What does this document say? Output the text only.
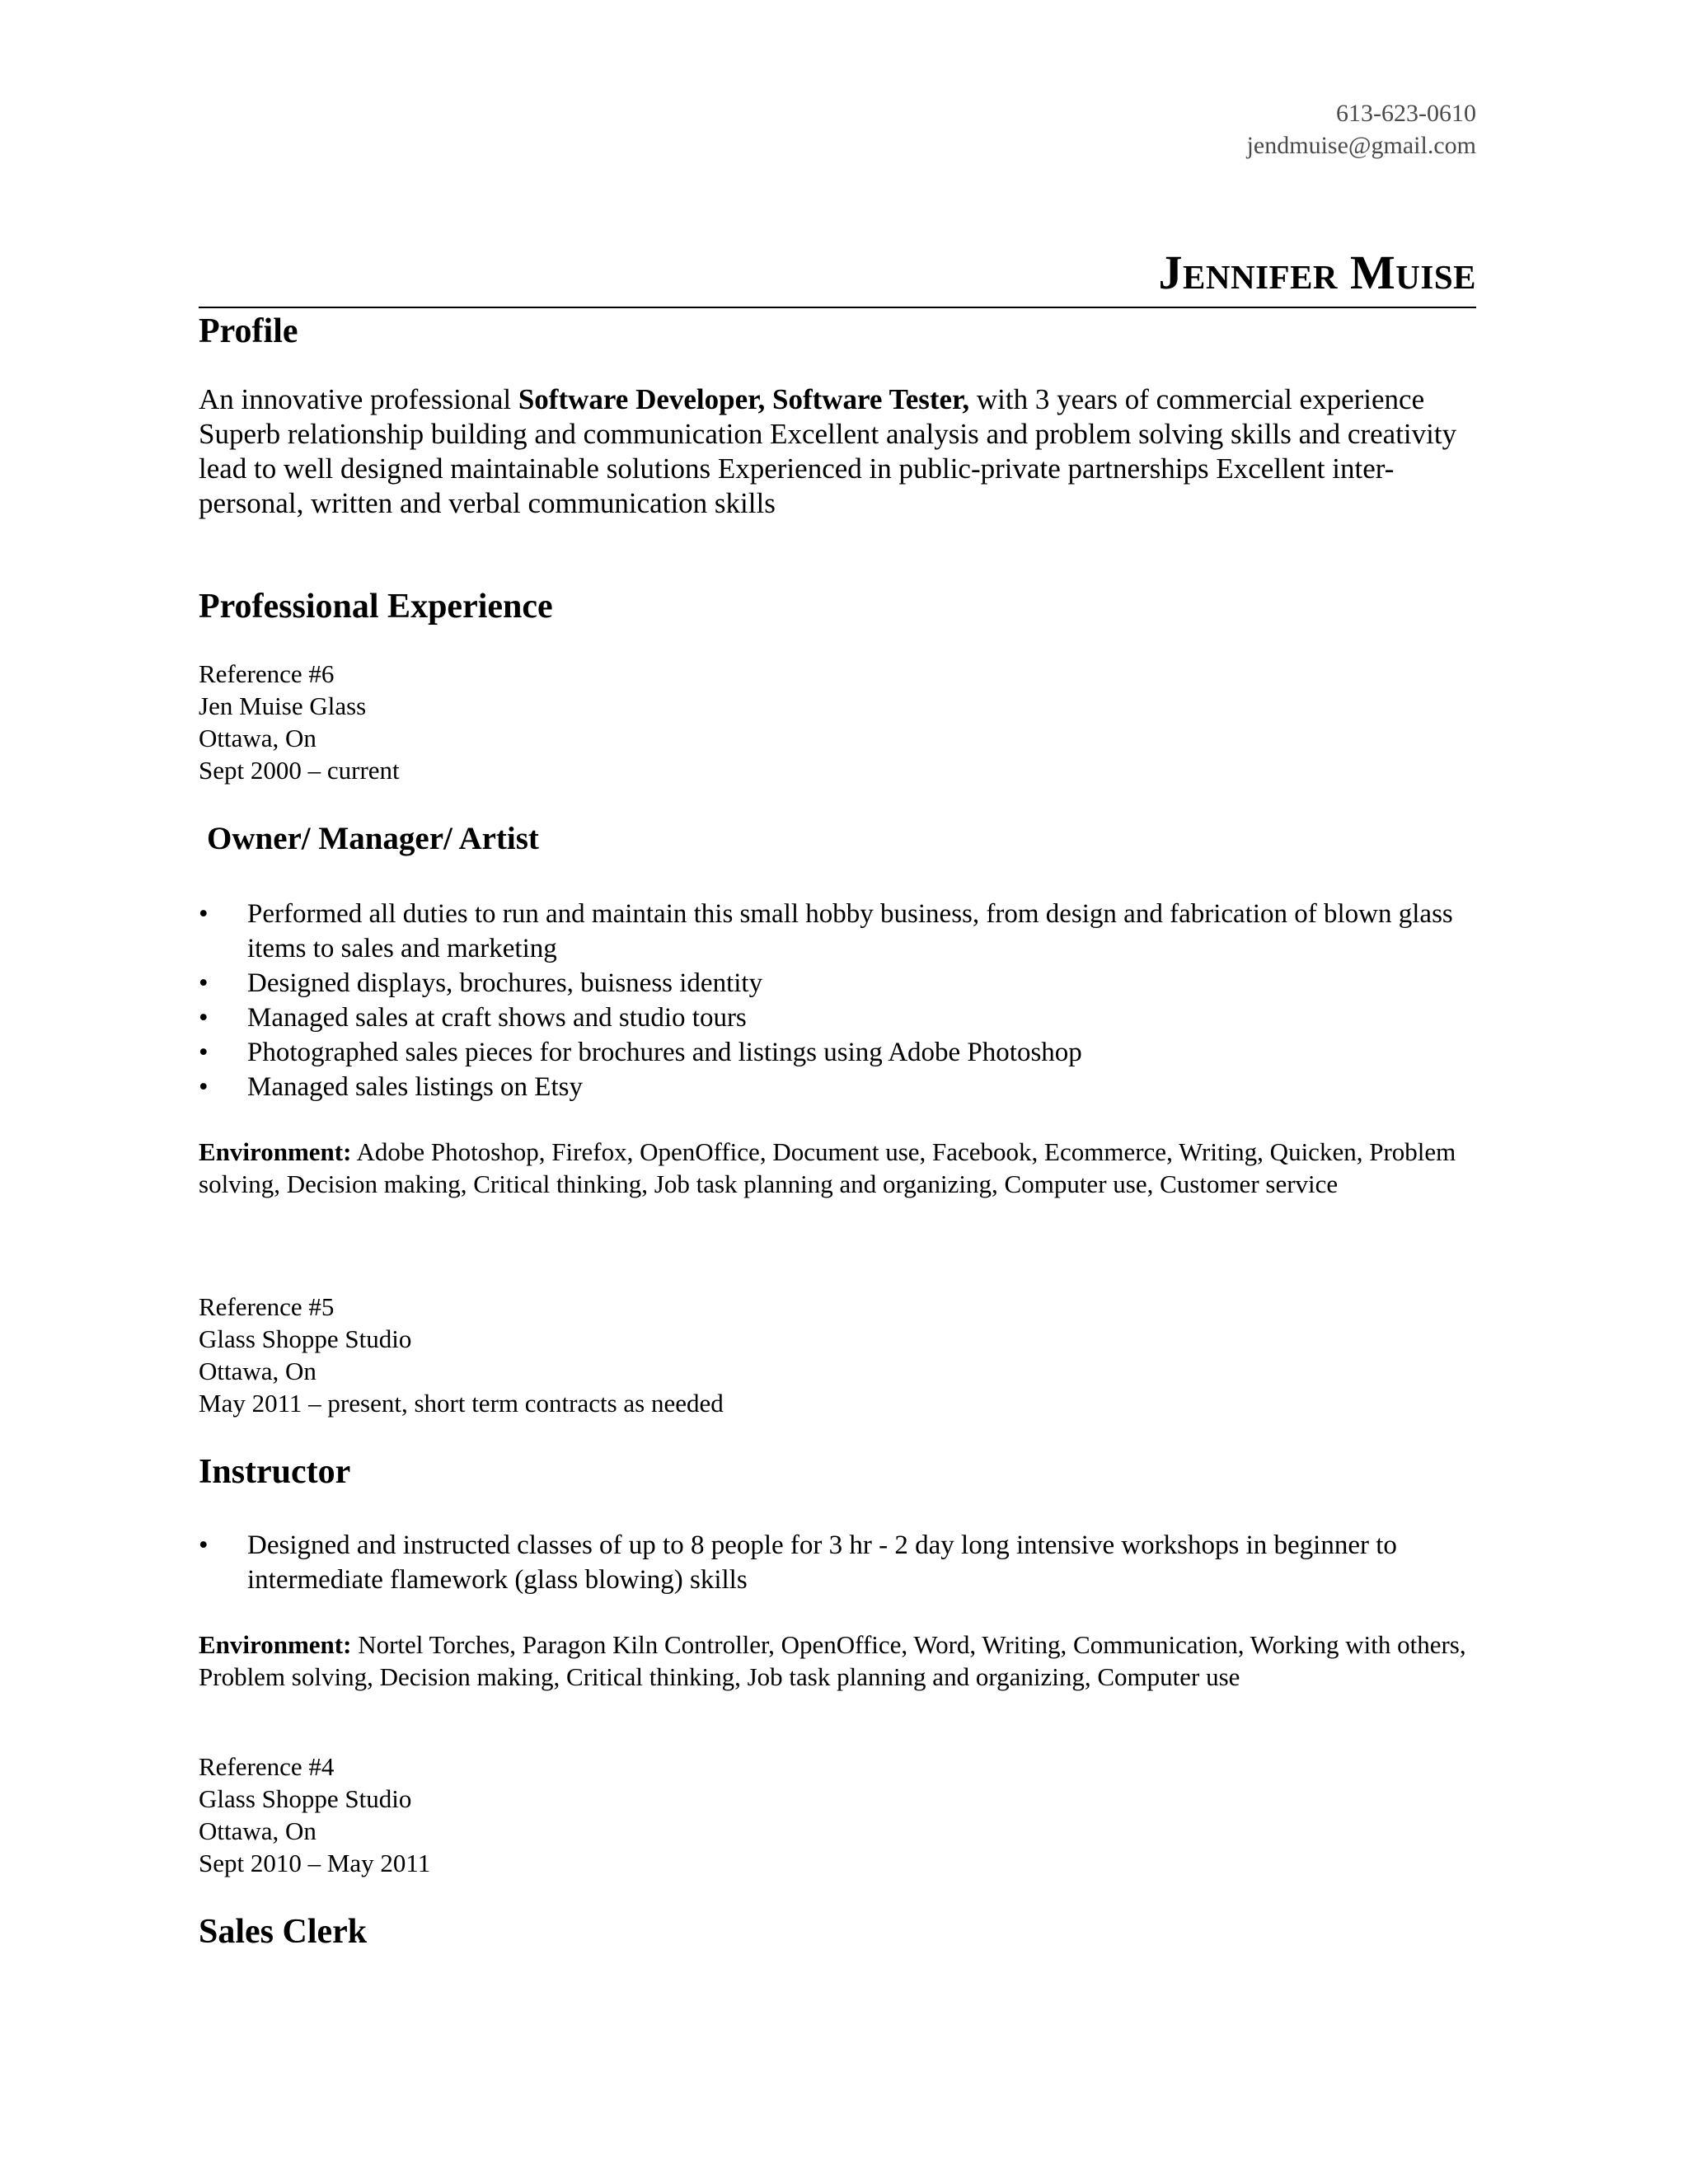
613-623-0610
jendmuise@gmail.com
Jennifer Muise
Profile
An innovative professional Software Developer, Software Tester, with 3 years of commercial experience Superb relationship building and communication Excellent analysis and problem solving skills and creativity lead to well designed maintainable solutions Experienced in public-private partnerships Excellent inter-personal, written and verbal communication skills
Professional Experience
Reference #6
Jen Muise Glass
Ottawa, On
Sept 2000 – current
Owner/ Manager/ Artist
•	Performed all duties to run and maintain this small hobby business, from design and fabrication of blown glass items to sales and marketing
•	Designed displays, brochures, buisness identity
•	Managed sales at craft shows and studio tours
•	Photographed sales pieces for brochures and listings using Adobe Photoshop
•	Managed sales listings on Etsy
Environment: Adobe Photoshop, Firefox, OpenOffice, Document use, Facebook, Ecommerce, Writing, Quicken, Problem solving, Decision making, Critical thinking, Job task planning and organizing, Computer use, Customer service
Reference #5
Glass Shoppe Studio
Ottawa, On
May 2011 – present, short term contracts as needed
Instructor
•	Designed and instructed classes of up to 8 people for 3 hr - 2 day long intensive workshops in beginner to intermediate flamework (glass blowing) skills
Environment: Nortel Torches, Paragon Kiln Controller, OpenOffice, Word, Writing, Communication, Working with others, Problem solving, Decision making, Critical thinking, Job task planning and organizing, Computer use
Reference #4
Glass Shoppe Studio
Ottawa, On
Sept 2010 – May 2011
Sales Clerk
